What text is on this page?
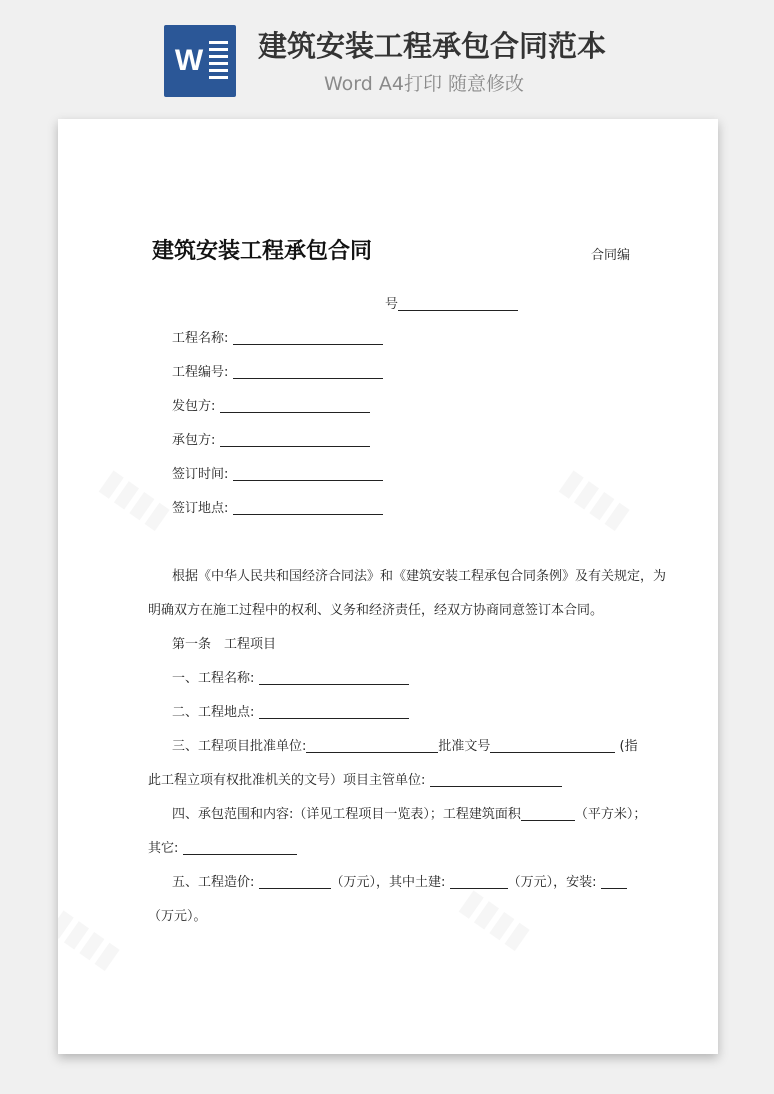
W 建筑安装工程承包合同范本
Word A4打印 随意修改
建筑安装工程承包合同	合同编
号
工程名称:
工程编号:
发包方:
承包方:
签订时间:
签订地点:
根据《中华人民共和国经济合同法》和《建筑安装工程承包合同条例》及有关规定，为
明确双方在施工过程中的权利、义务和经济责任，经双方协商同意签订本合同。
第一条　工程项目
一、工程名称:
二、工程地点:
三、工程项目批准单位:	批准文号	(指
此工程立项有权批准机关的文号）项目主管单位:
四、承包范围和内容:（详见工程项目一览表）；工程建筑面积	（平方米）；
其它:
五、工程造价:	（万元），其中土建:	（万元），安装:
（万元）。
